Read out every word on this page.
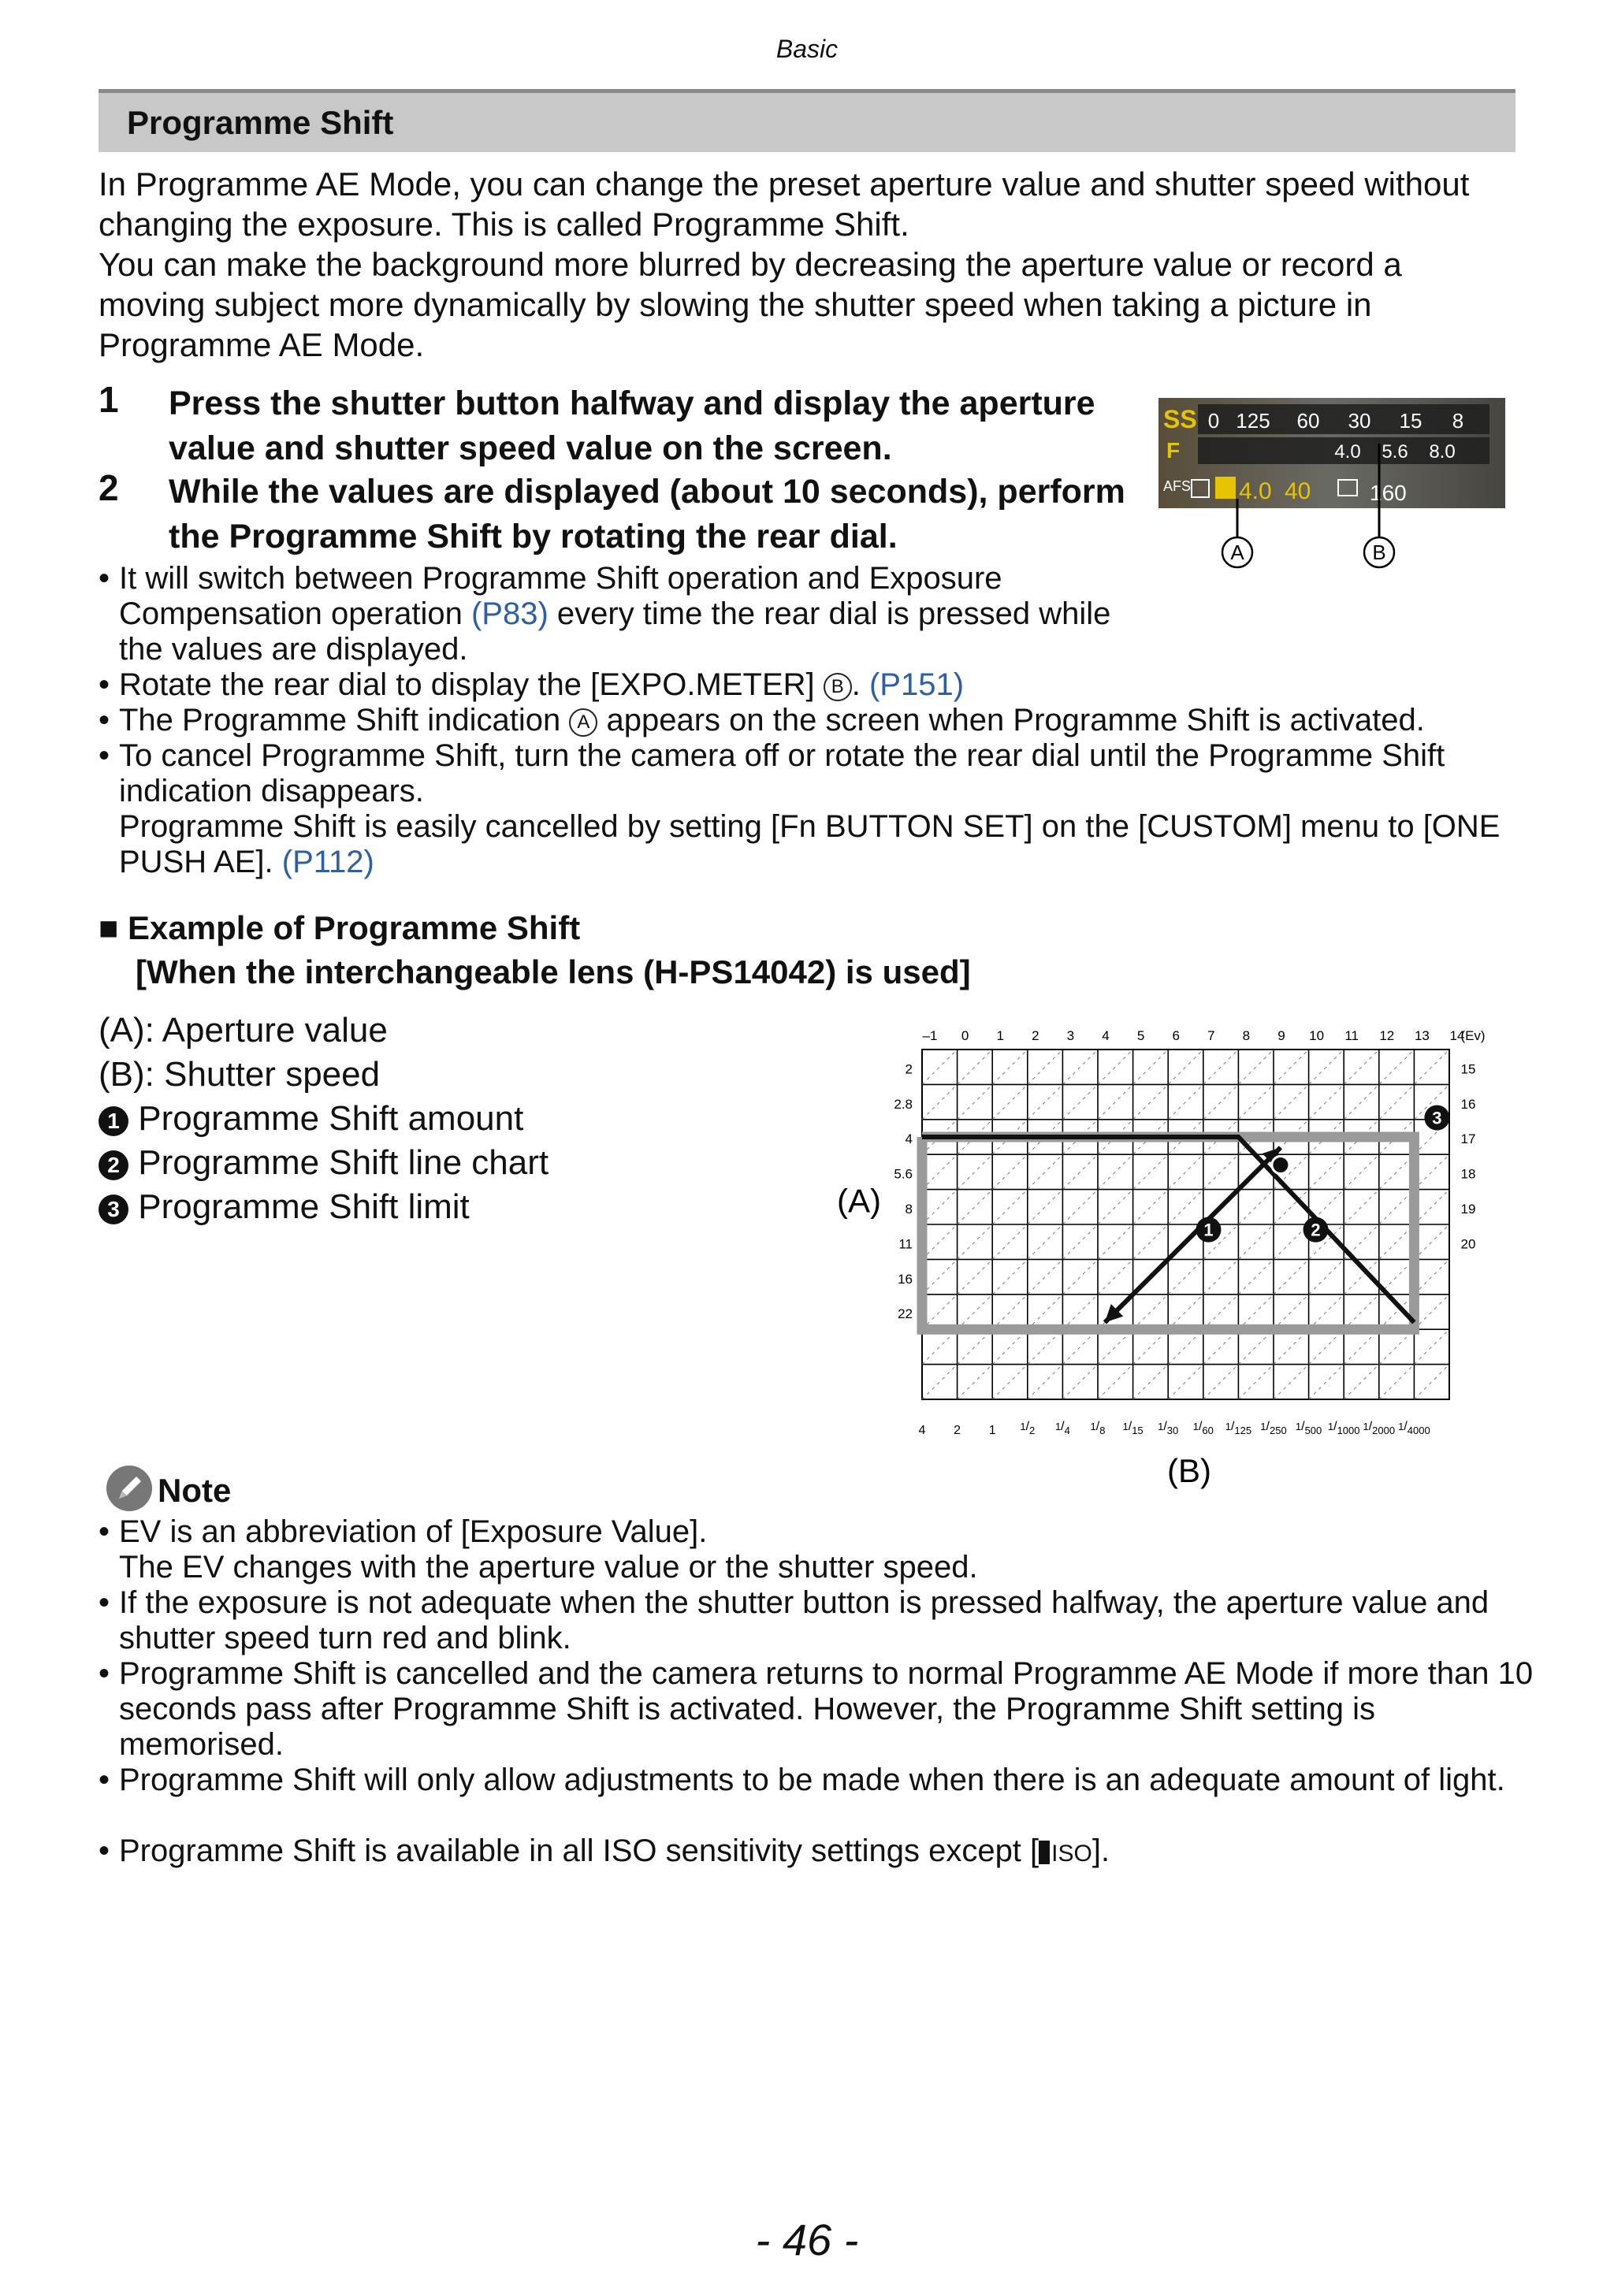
Basic
Programme Shift

In Programme AE Mode, you can change the preset aperture value and shutter speed without changing the exposure. This is called Programme Shift.

You can make the background more blurred by decreasing the aperture value or record a moving subject more dynamically by slowing the shutter speed when taking a picture in Programme AE Mode.

1 Press the shutter button halfway and display the aperture value and shutter speed value on the screen.
2 While the values are displayed (about 10 seconds), perform the Programme Shift by rotating the rear dial.
SS
F
0 125 60 30 15 8
4.0 5.6 8.0
AFS 4.0 40	160
A	B
• It will switch between Programme Shift operation and Exposure Compensation operation (P83) every time the rear dial is pressed while the values are displayed.
• Rotate the rear dial to display the [EXPO.METER] B . (P151)
• The Programme Shift indication A appears on the screen when Programme Shift is activated.
• To cancel Programme Shift, turn the camera off or rotate the rear dial until the Programme Shift indication disappears.
Programme Shift is easily cancelled by setting [Fn BUTTON SET] on the [CUSTOM] menu to [ONE PUSH AE]. (P112)
■ Example of Programme Shift
[When the interchangeable lens (H-PS14042) is used]
(A): Aperture value
(B): Shutter speed
1 Programme Shift amount
2 Programme Shift line chart
3 Programme Shift limit
–1 0 1 2 3 4 5 6 7 8 9 10 11 12 13 14
(Ev)
2
2.8
4
5.6
8
11
16
22
15
16
17
18
19
20
4 2 1 $^1/_2$ $^1/_4$ $^1/_8$ $^1/_{15}$ $^1/_{30}$ $^1/_{60}$ $^1/_{125}$ $^1/_{250}$ $^1/_{500}$ $^1/_{1000}$ $^1/_{2000}$ $^1/_{4000}$
(A)
(B)
1	2
3
Note
• EV is an abbreviation of [Exposure Value].
The EV changes with the aperture value or the shutter speed.
• If the exposure is not adequate when the shutter button is pressed halfway, the aperture value and shutter speed turn red and blink.
• Programme Shift is cancelled and the camera returns to normal Programme AE Mode if more than 10 seconds pass after Programme Shift is activated. However, the Programme Shift setting is memorised.
• Programme Shift will only allow adjustments to be made when there is an adequate amount of light.
• Programme Shift is available in all ISO sensitivity settings except [ ISO].
- 46 -
